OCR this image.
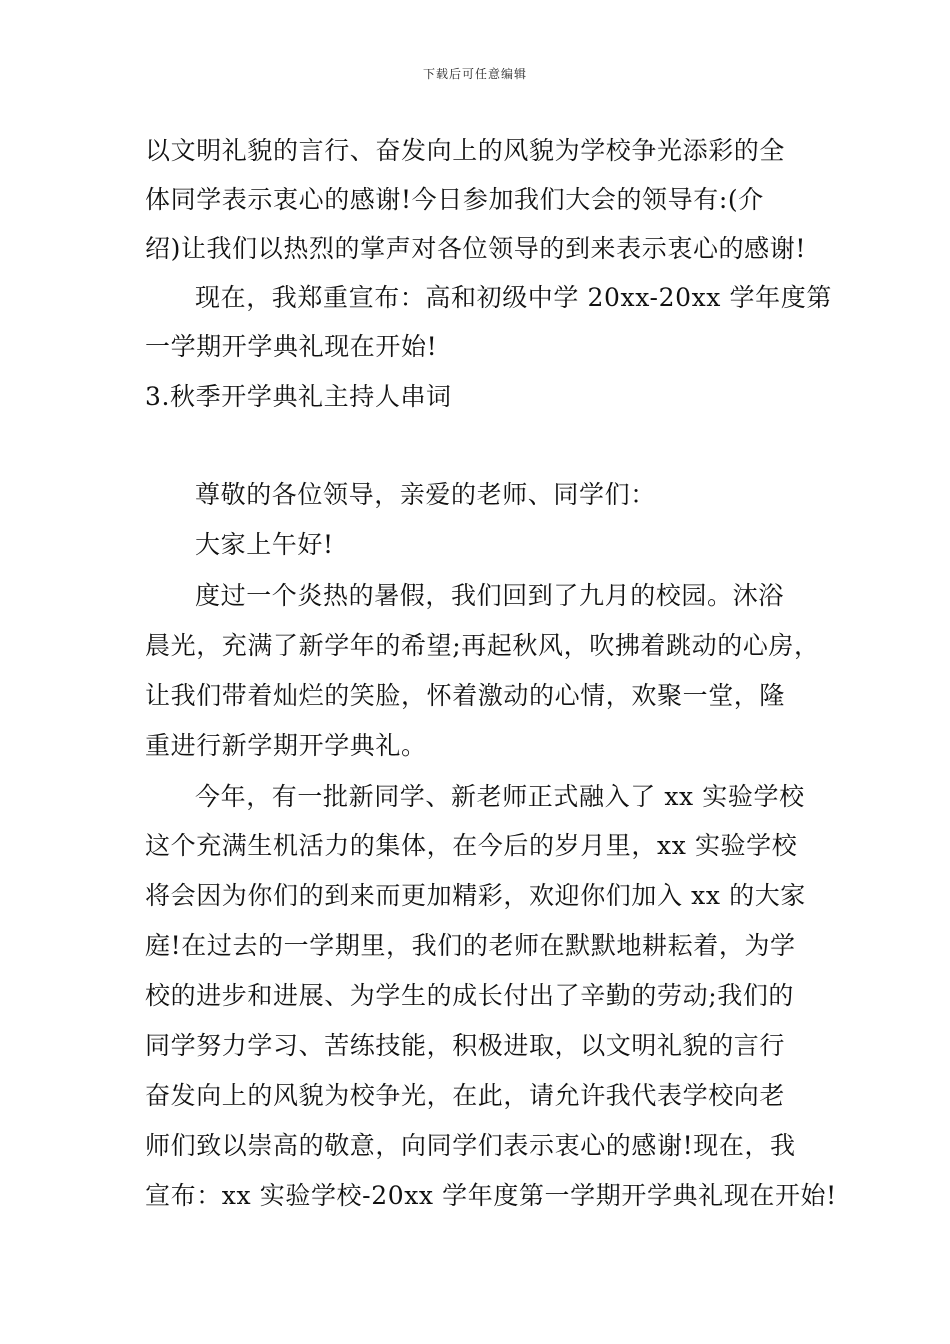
下载后可任意编辑
以文明礼貌的言行、奋发向上的风貌为学校争光添彩的全
体同学表示衷心的感谢!今日参加我们大会的领导有:(介
绍)让我们以热烈的掌声对各位领导的到来表示衷心的感谢!
现在，我郑重宣布：高和初级中学 20xx-20xx 学年度第
一学期开学典礼现在开始!
3.秋季开学典礼主持人串词
尊敬的各位领导，亲爱的老师、同学们：
大家上午好!
度过一个炎热的暑假，我们回到了九月的校园。沐浴
晨光，充满了新学年的希望;再起秋风，吹拂着跳动的心房，
让我们带着灿烂的笑脸，怀着激动的心情，欢聚一堂，隆
重进行新学期开学典礼。
今年，有一批新同学、新老师正式融入了 xx 实验学校
这个充满生机活力的集体，在今后的岁月里，xx 实验学校
将会因为你们的到来而更加精彩，欢迎你们加入 xx 的大家
庭!在过去的一学期里，我们的老师在默默地耕耘着，为学
校的进步和进展、为学生的成长付出了辛勤的劳动;我们的
同学努力学习、苦练技能，积极进取，以文明礼貌的言行
奋发向上的风貌为校争光，在此，请允许我代表学校向老
师们致以崇高的敬意，向同学们表示衷心的感谢!现在，我
宣布：xx 实验学校-20xx 学年度第一学期开学典礼现在开始!
